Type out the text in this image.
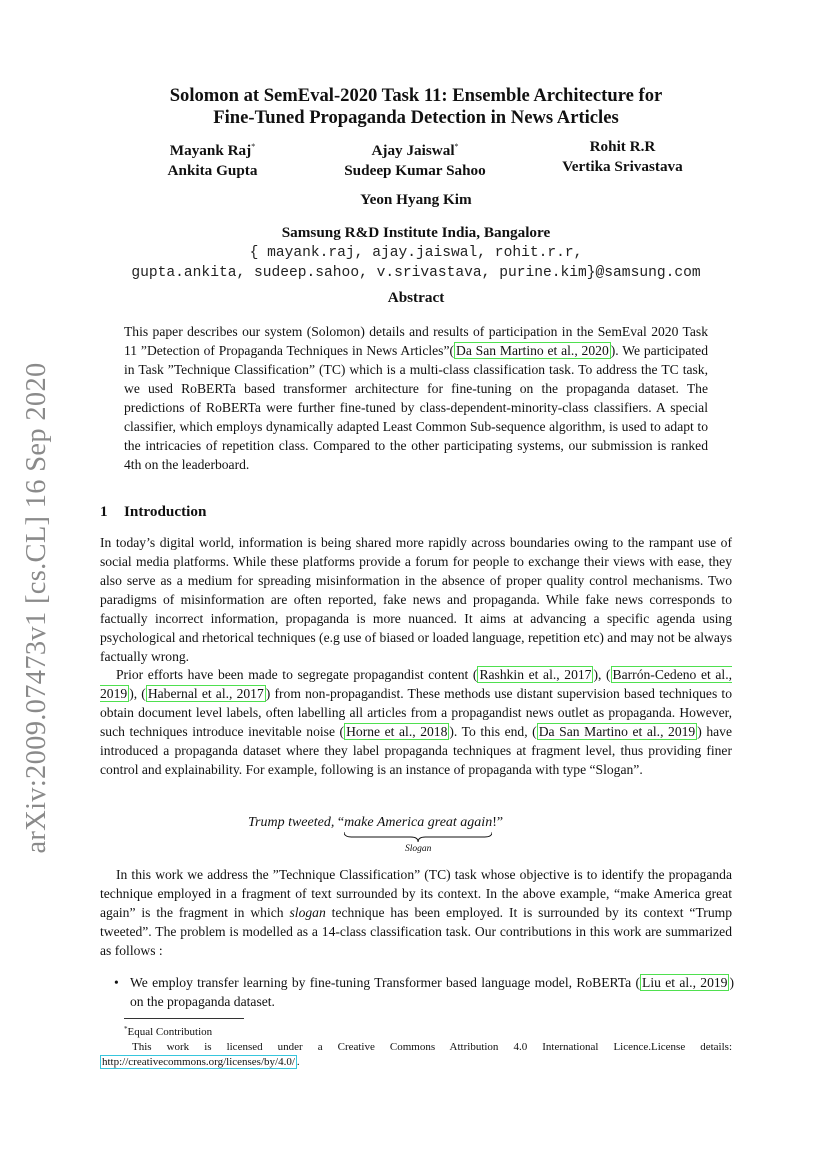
arXiv:2009.07473v1 [cs.CL] 16 Sep 2020
Solomon at SemEval-2020 Task 11: Ensemble Architecture for
Fine-Tuned Propaganda Detection in News Articles
Mayank Raj*
Ankita Gupta
Ajay Jaiswal*
Sudeep Kumar Sahoo
Rohit R.R
Vertika Srivastava
Yeon Hyang Kim
Samsung R&D Institute India, Bangalore
{ mayank.raj, ajay.jaiswal, rohit.r.r,
gupta.ankita, sudeep.sahoo, v.srivastava, purine.kim}@samsung.com
Abstract
This paper describes our system (Solomon) details and results of participation in the SemEval 2020 Task 11 ”Detection of Propaganda Techniques in News Articles”( Da San Martino et al., 2020 ). We participated in Task ”Technique Classification” (TC) which is a multi-class classification task. To address the TC task, we used RoBERTa based transformer architecture for fine-tuning on the propaganda dataset. The predictions of RoBERTa were further fine-tuned by class-dependent-minority-class classifiers. A special classifier, which employs dynamically adapted Least Common Sub-sequence algorithm, is used to adapt to the intricacies of repetition class. Compared to the other participating systems, our submission is ranked 4th on the leaderboard.
1 Introduction

In today’s digital world, information is being shared more rapidly across boundaries owing to the rampant use of social media platforms. While these platforms provide a forum for people to exchange their views with ease, they also serve as a medium for spreading misinformation in the absence of proper quality control mechanisms. Two paradigms of misinformation are often reported, fake news and propaganda. While fake news corresponds to factually incorrect information, propaganda is more nuanced. It aims at advancing a specific agenda using psychological and rhetorical techniques (e.g use of biased or loaded language, repetition etc) and may not be always factually wrong.

Prior efforts have been made to segregate propagandist content ( Rashkin et al., 2017 ), ( Barrón-Cedeno et al., 2019 ), ( Habernal et al., 2017 ) from non-propagandist. These methods use distant supervision based techniques to obtain document level labels, often labelling all articles from a propagandist news outlet as propaganda. However, such techniques introduce inevitable noise ( Horne et al., 2018 ). To this end, ( Da San Martino et al., 2019 ) have introduced a propaganda dataset where they label propaganda techniques at fragment level, thus providing finer control and explainability. For example, following is an instance of propaganda with type “Slogan”.

Trump tweeted, “make America great again
Slogan
!”

In this work we address the ”Technique Classification” (TC) task whose objective is to identify the propaganda technique employed in a fragment of text surrounded by its context. In the above example, “make America great again” is the fragment in which slogan technique has been employed. It is surrounded by its context “Trump tweeted”. The problem is modelled as a 14-class classification task. Our contributions in this work are summarized as follows :

• We employ transfer learning by fine-tuning Transformer based language model, RoBERTa ( Liu et al., 2019 ) on the propaganda dataset.
*Equal Contribution
This work is licensed under a Creative Commons Attribution 4.0 International Licence.License details: http://creativecommons.org/licenses/by/4.0/ .
